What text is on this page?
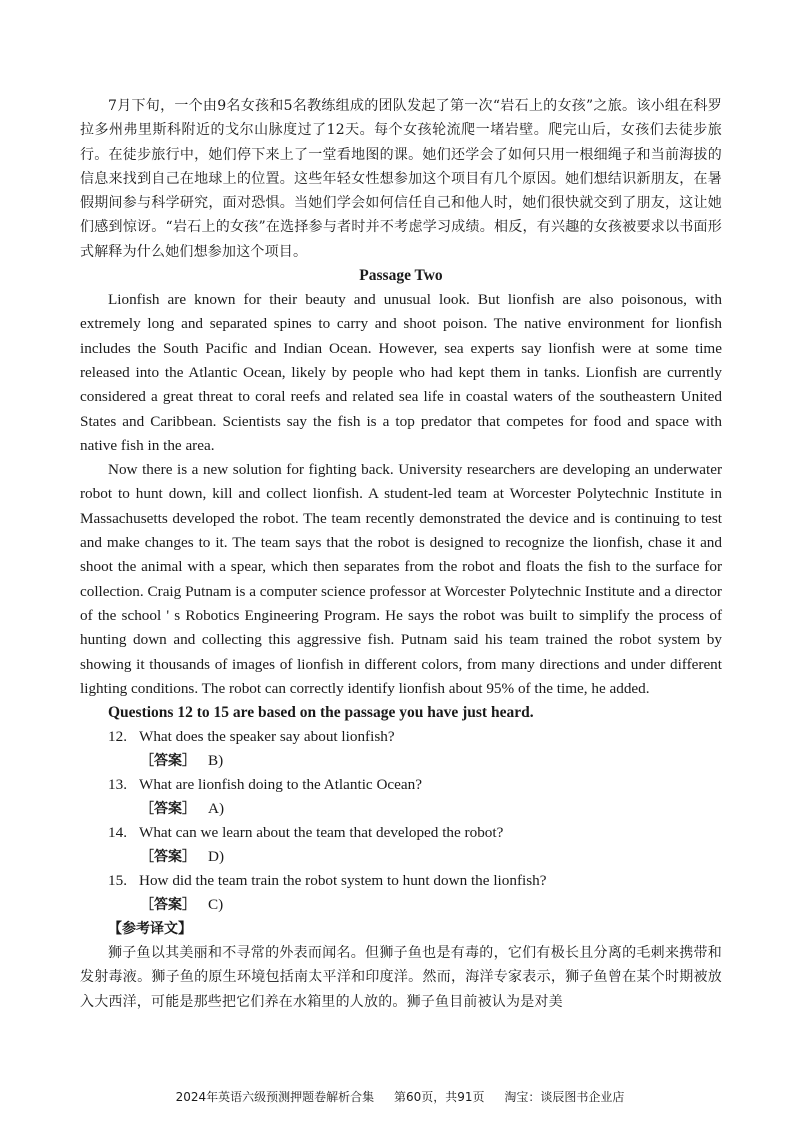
7月下旬，一个由9名女孩和5名教练组成的团队发起了第一次“岩石上的女孩”之旅。该小组在科罗拉多州弗里斯科附近的戈尔山脉度过了12天。每个女孩轮流爬一堵岩壁。爬完山后，女孩们去徒步旅行。在徒步旅行中，她们停下来上了一堂看地图的课。她们还学会了如何只用一根细绳子和当前海拔的信息来找到自己在地球上的位置。这些年轻女性想参加这个项目有几个原因。她们想结识新朋友，在暑假期间参与科学研究，面对恐惧。当她们学会如何信任自己和他人时，她们很快就交到了朋友，这让她们感到惊讶。“岩石上的女孩”在选择参与者时并不考虑学习成绩。相反，有兴趣的女孩被要求以书面形式解释为什么她们想参加这个项目。

Passage Two

Lionfish are known for their beauty and unusual look. But lionfish are also poisonous, with extremely long and separated spines to carry and shoot poison. The native environment for lionfish includes the South Pacific and Indian Ocean. However, sea experts say lionfish were at some time released into the Atlantic Ocean, likely by people who had kept them in tanks. Lionfish are currently considered a great threat to coral reefs and related sea life in coastal waters of the southeastern United States and Caribbean. Scientists say the fish is a top predator that competes for food and space with native fish in the area.

Now there is a new solution for fighting back. University researchers are developing an underwater robot to hunt down, kill and collect lionfish. A student-led team at Worcester Polytechnic Institute in Massachusetts developed the robot. The team recently demonstrated the device and is continuing to test and make changes to it. The team says that the robot is designed to recognize the lionfish, chase it and shoot the animal with a spear, which then separates from the robot and floats the fish to the surface for collection. Craig Putnam is a computer science professor at Worcester Polytechnic Institute and a director of the school ' s Robotics Engineering Program. He says the robot was built to simplify the process of hunting down and collecting this aggressive fish. Putnam said his team trained the robot system by showing it thousands of images of lionfish in different colors, from many directions and under different lighting conditions. The robot can correctly identify lionfish about 95% of the time, he added.

Questions 12 to 15 are based on the passage you have just heard.

12. What does the speaker say about lionfish?

［答案］ B)

13. What are lionfish doing to the Atlantic Ocean?

［答案］ A)

14. What can we learn about the team that developed the robot?

［答案］ D)

15. How did the team train the robot system to hunt down the lionfish?

［答案］ C)

【参考译文】

狮子鱼以其美丽和不寻常的外表而闻名。但狮子鱼也是有毒的，它们有极长且分离的毛刺来携带和发射毒液。狮子鱼的原生环境包括南太平洋和印度洋。然而，海洋专家表示，狮子鱼曾在某个时期被放入大西洋，可能是那些把它们养在水箱里的人放的。狮子鱼目前被认为是对美

2024年英语六级预测押题卷解析合集 第60页，共91页 淘宝：谈辰图书企业店
